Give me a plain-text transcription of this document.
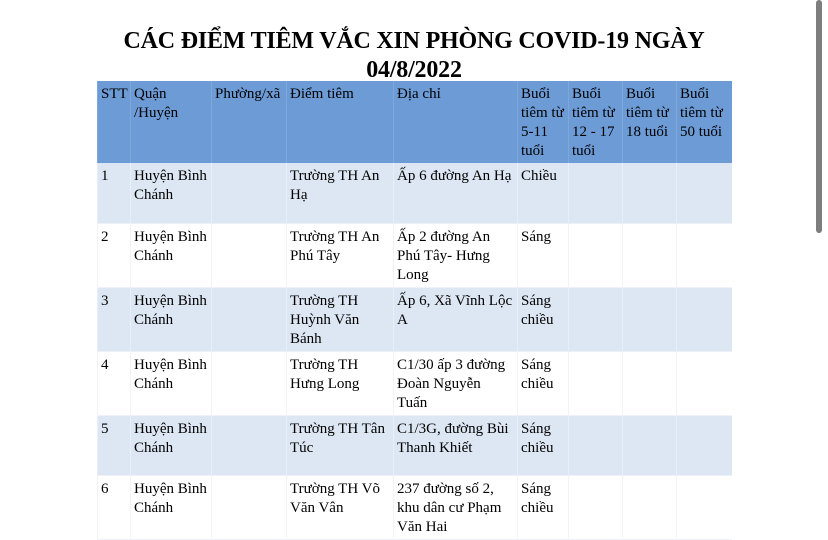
CÁC ĐIỂM TIÊM VẮC XIN PHÒNG COVID-19 NGÀY
04/8/2022
STT	Quận /Huyện	Phường/xã	Điểm tiêm	Địa chỉ	Buổi tiêm từ 5-11 tuổi	Buổi tiêm từ 12 - 17 tuổi	Buổi tiêm từ 18 tuổi	Buổi tiêm từ 50 tuổi
1	Huyện Bình Chánh		Trường TH An Hạ	Ấp 6 đường An Hạ	Chiều			
2	Huyện Bình Chánh		Trường TH An Phú Tây	Ấp 2 đường An Phú Tây- Hưng Long	Sáng			
3	Huyện Bình Chánh		Trường TH Huỳnh Văn Bánh	Ấp 6, Xã Vĩnh Lộc A	Sáng chiều			
4	Huyện Bình Chánh		Trường TH Hưng Long	C1/30 ấp 3 đường Đoàn Nguyễn Tuấn	Sáng chiều			
5	Huyện Bình Chánh		Trường TH Tân Túc	C1/3G, đường Bùi Thanh Khiết	Sáng chiều			
6	Huyện Bình Chánh		Trường TH Võ Văn Vân	237 đường số 2, khu dân cư Phạm Văn Hai	Sáng chiều			
